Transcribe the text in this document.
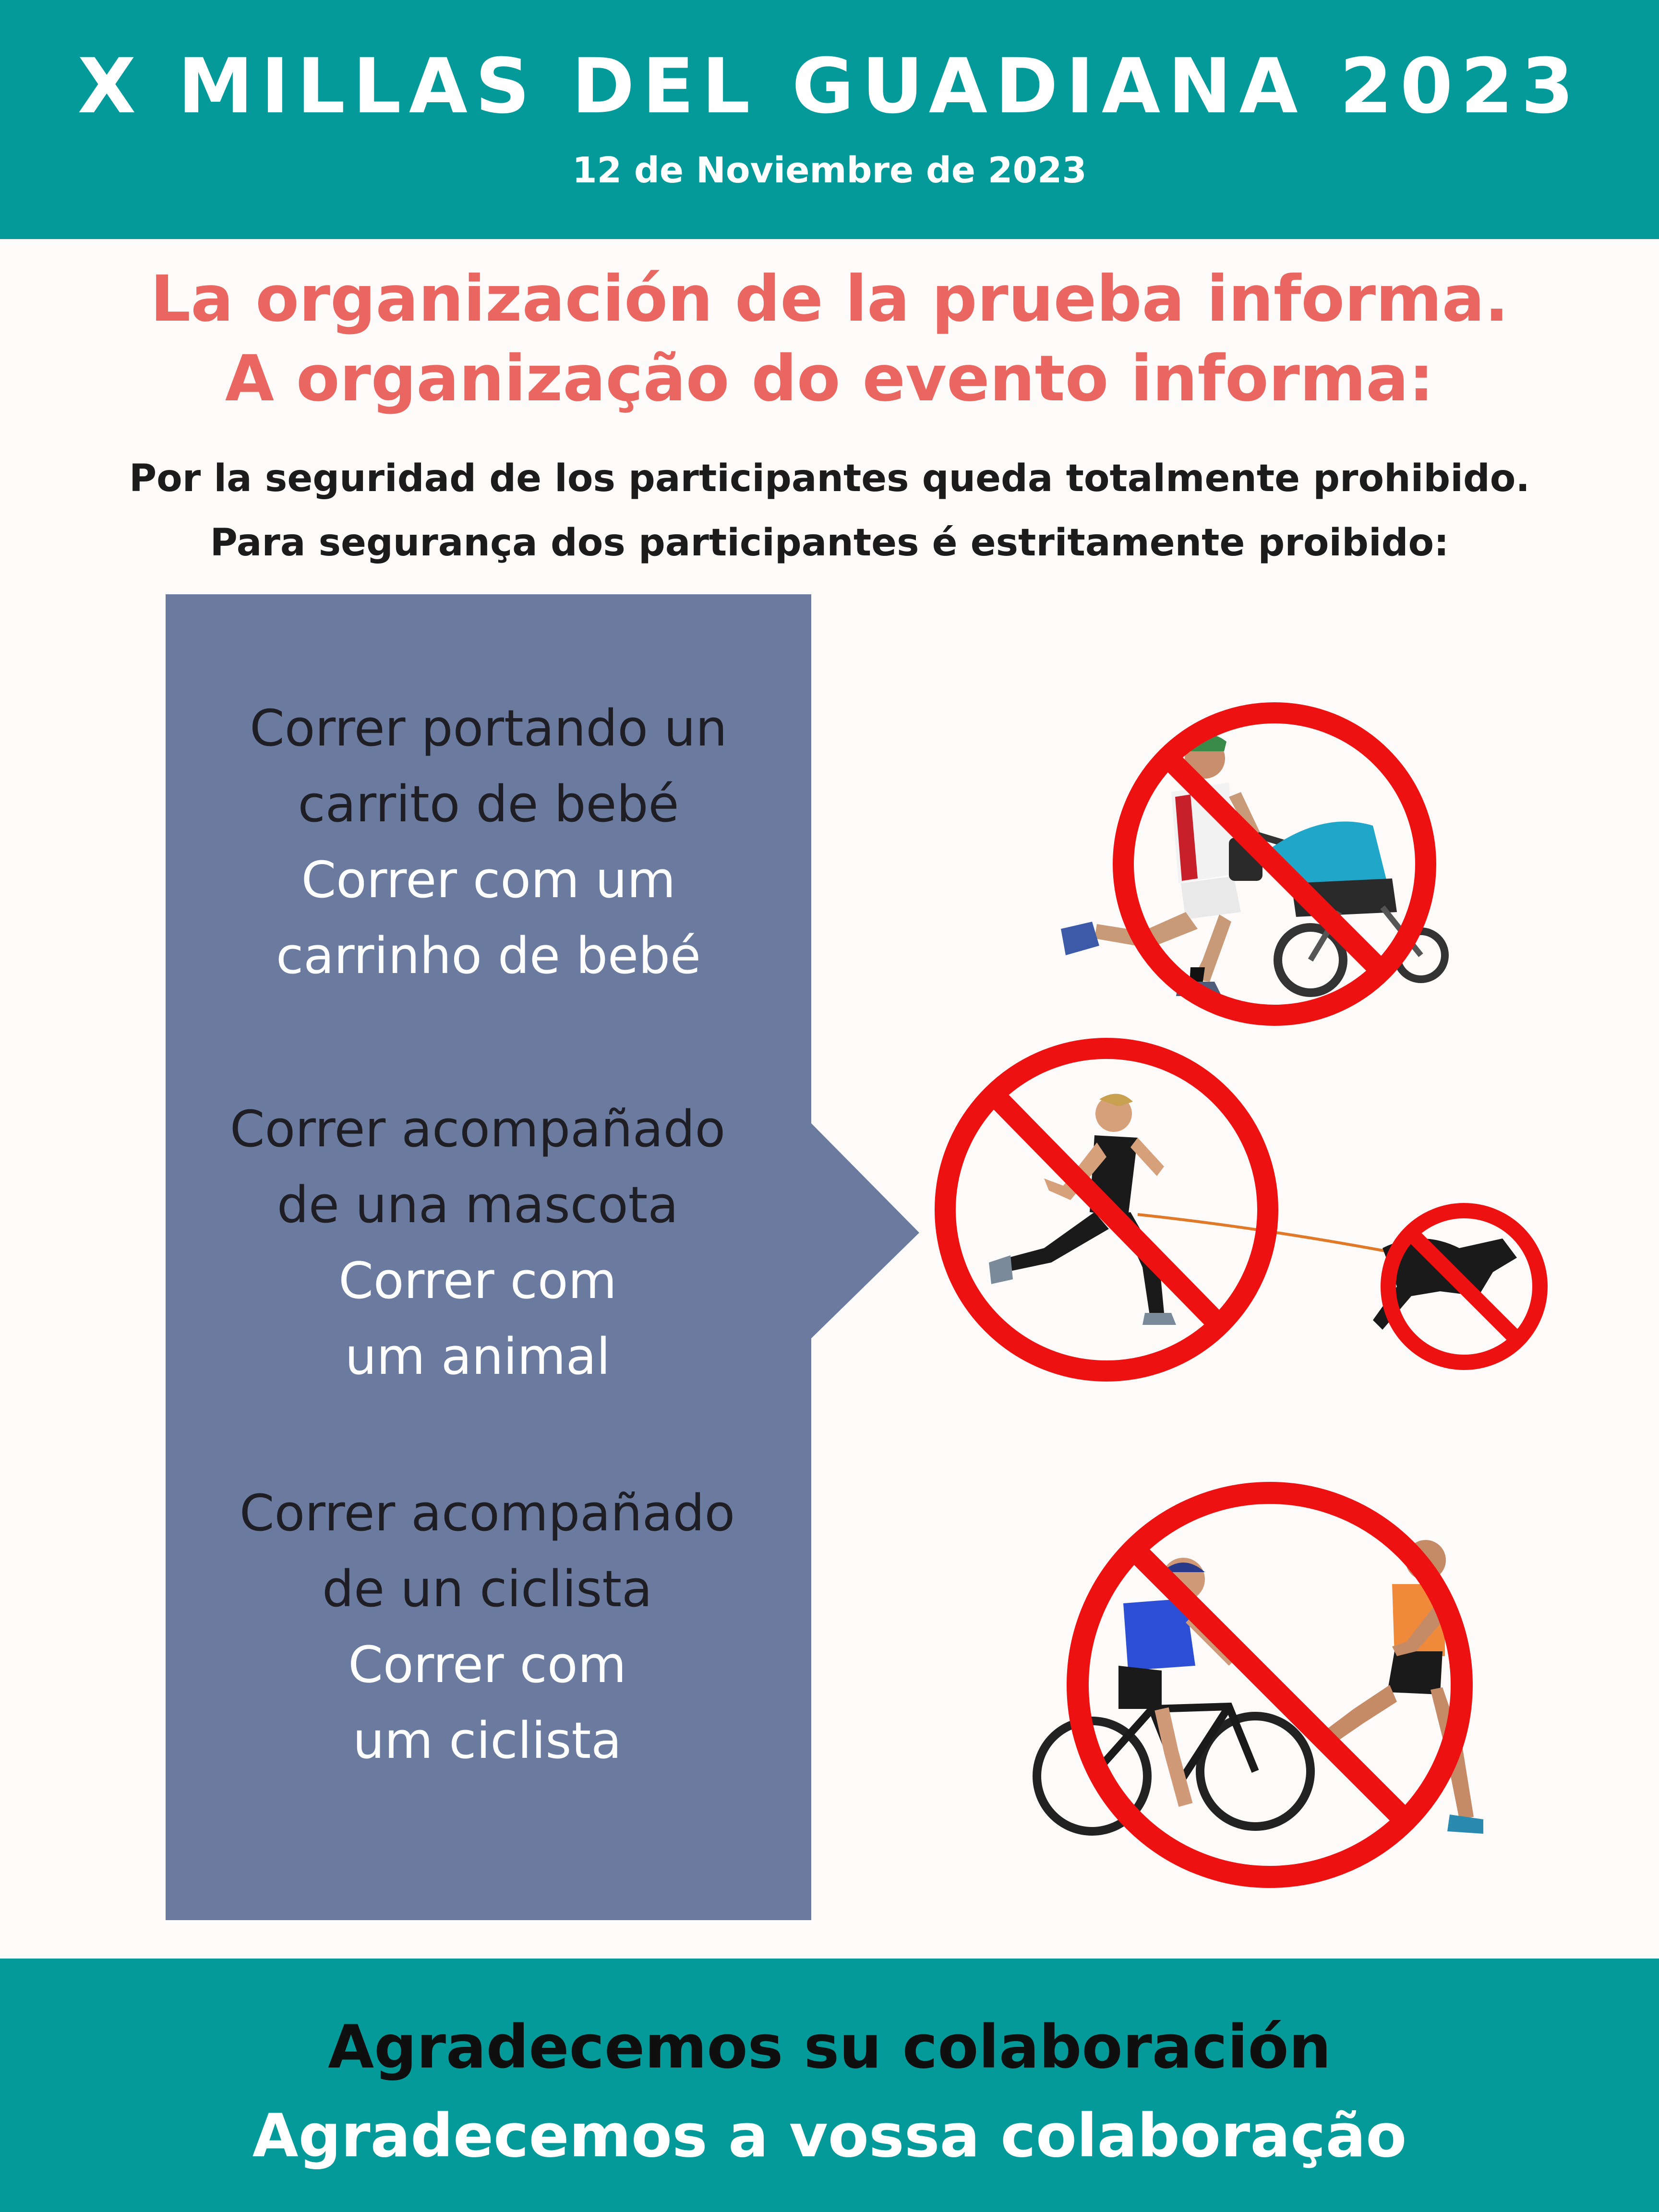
X MILLAS DEL GUADIANA 2023
12 de Noviembre de 2023
La organización de la prueba informa.
A organização do evento informa:
Por la seguridad de los participantes queda totalmente prohibido.
Para segurança dos participantes é estritamente proibido:
Correr portando un
carrito de bebé
Correr com um
carrinho de bebé
Correr acompañado
de una mascota
Correr com
um animal
Correr acompañado
de un ciclista
Correr com
um ciclista
Agradecemos su colaboración
Agradecemos a vossa colaboração
